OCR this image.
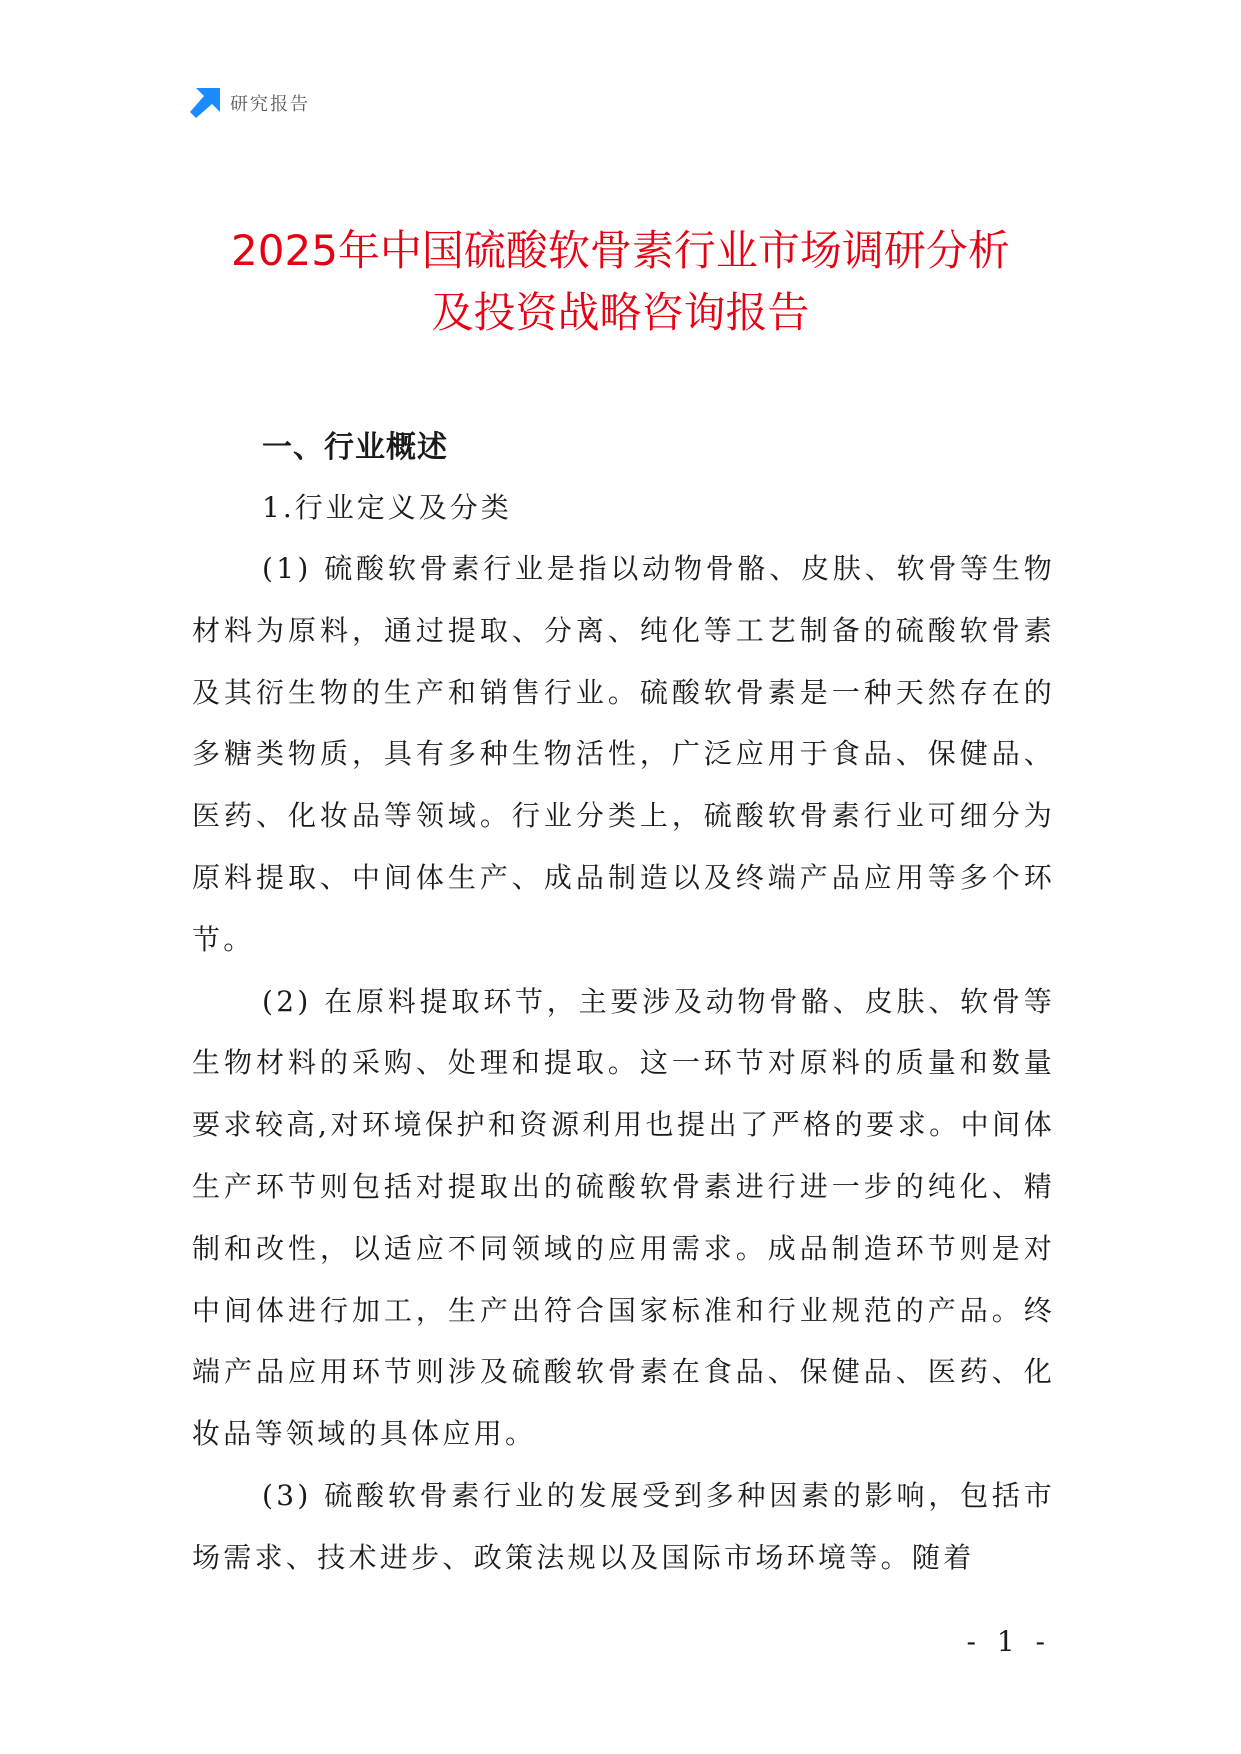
研究报告
2025年中国硫酸软骨素行业市场调研分析
及投资战略咨询报告
一、行业概述
1.行业定义及分类

(1) 硫酸软骨素行业是指以动物骨骼、皮肤、软骨等生物材料为原料，通过提取、分离、纯化等工艺制备的硫酸软骨素及其衍生物的生产和销售行业。硫酸软骨素是一种天然存在的多糖类物质，具有多种生物活性，广泛应用于食品、保健品、医药、化妆品等领域。行业分类上，硫酸软骨素行业可细分为原料提取、中间体生产、成品制造以及终端产品应用等多个环节。

(2) 在原料提取环节，主要涉及动物骨骼、皮肤、软骨等生物材料的采购、处理和提取。这一环节对原料的质量和数量要求较高,对环境保护和资源利用也提出了严格的要求。中间体生产环节则包括对提取出的硫酸软骨素进行进一步的纯化、精制和改性，以适应不同领域的应用需求。成品制造环节则是对中间体进行加工，生产出符合国家标准和行业规范的产品。终端产品应用环节则涉及硫酸软骨素在食品、保健品、医药、化妆品等领域的具体应用。

(3) 硫酸软骨素行业的发展受到多种因素的影响，包括市场需求、技术进步、政策法规以及国际市场环境等。随着

- 1 -
